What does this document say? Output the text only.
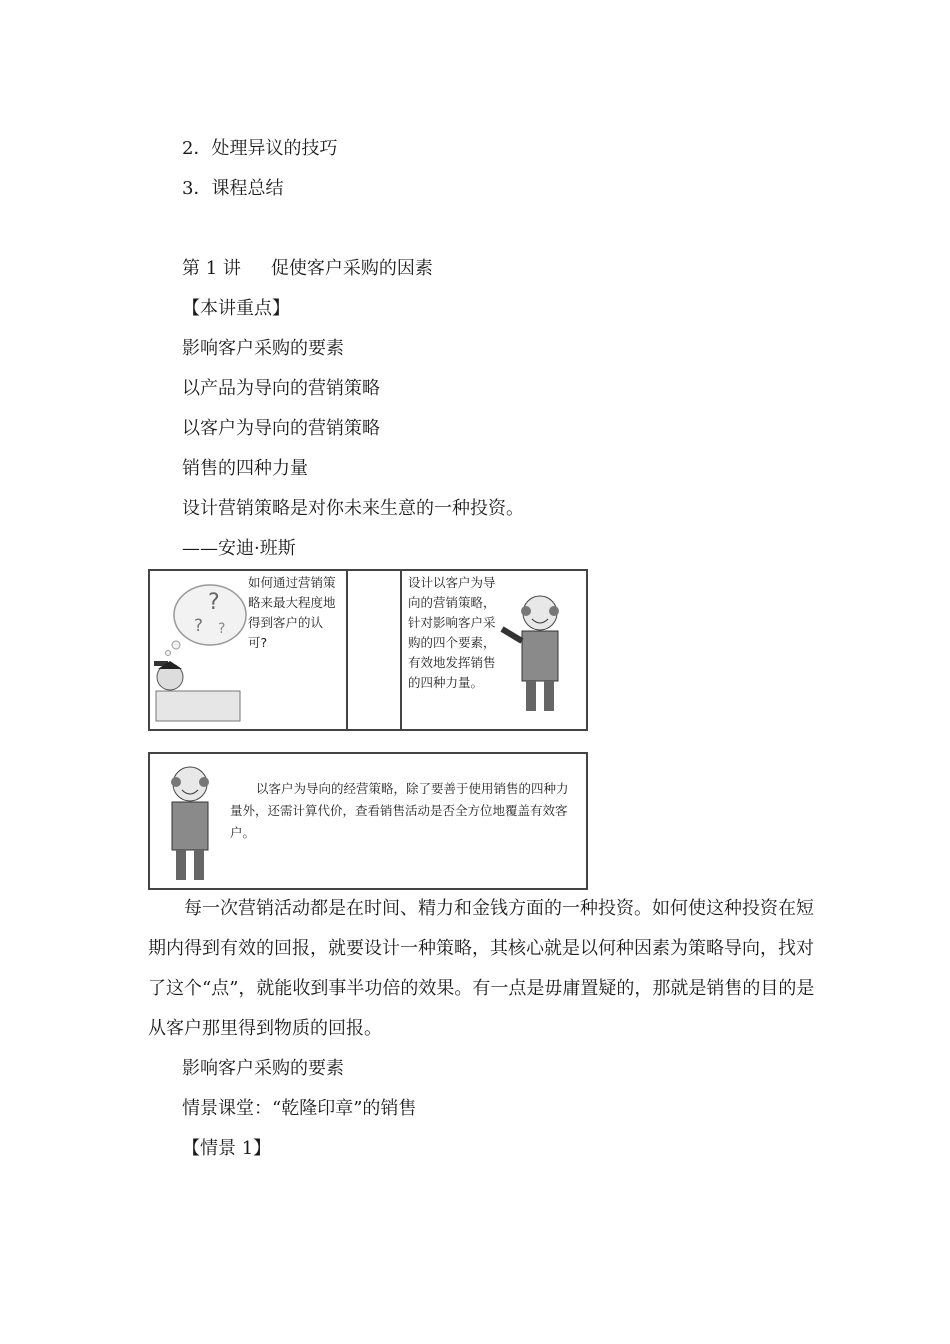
2．处理异议的技巧
3．课程总结
第 1 讲 促使客户采购的因素
【本讲重点】
影响客户采购的要素
以产品为导向的营销策略
以客户为导向的营销策略
销售的四种力量
设计营销策略是对你未来生意的一种投资。
——安迪·班斯
?
? ?
如何通过营销策略来最大程度地得到客户的认可?
设计以客户为导向的营销策略，针对影响客户采购的四个要素，有效地发挥销售的四种力量。
以客户为导向的经营策略，除了要善于使用销售的四种力量外，还需计算代价，查看销售活动是否全方位地覆盖有效客户。
每一次营销活动都是在时间、精力和金钱方面的一种投资。如何使这种投资在短期内得到有效的回报，就要设计一种策略，其核心就是以何种因素为策略导向，找对了这个“点”，就能收到事半功倍的效果。有一点是毋庸置疑的，那就是销售的目的是从客户那里得到物质的回报。
影响客户采购的要素
情景课堂：“乾隆印章”的销售
【情景 1】
